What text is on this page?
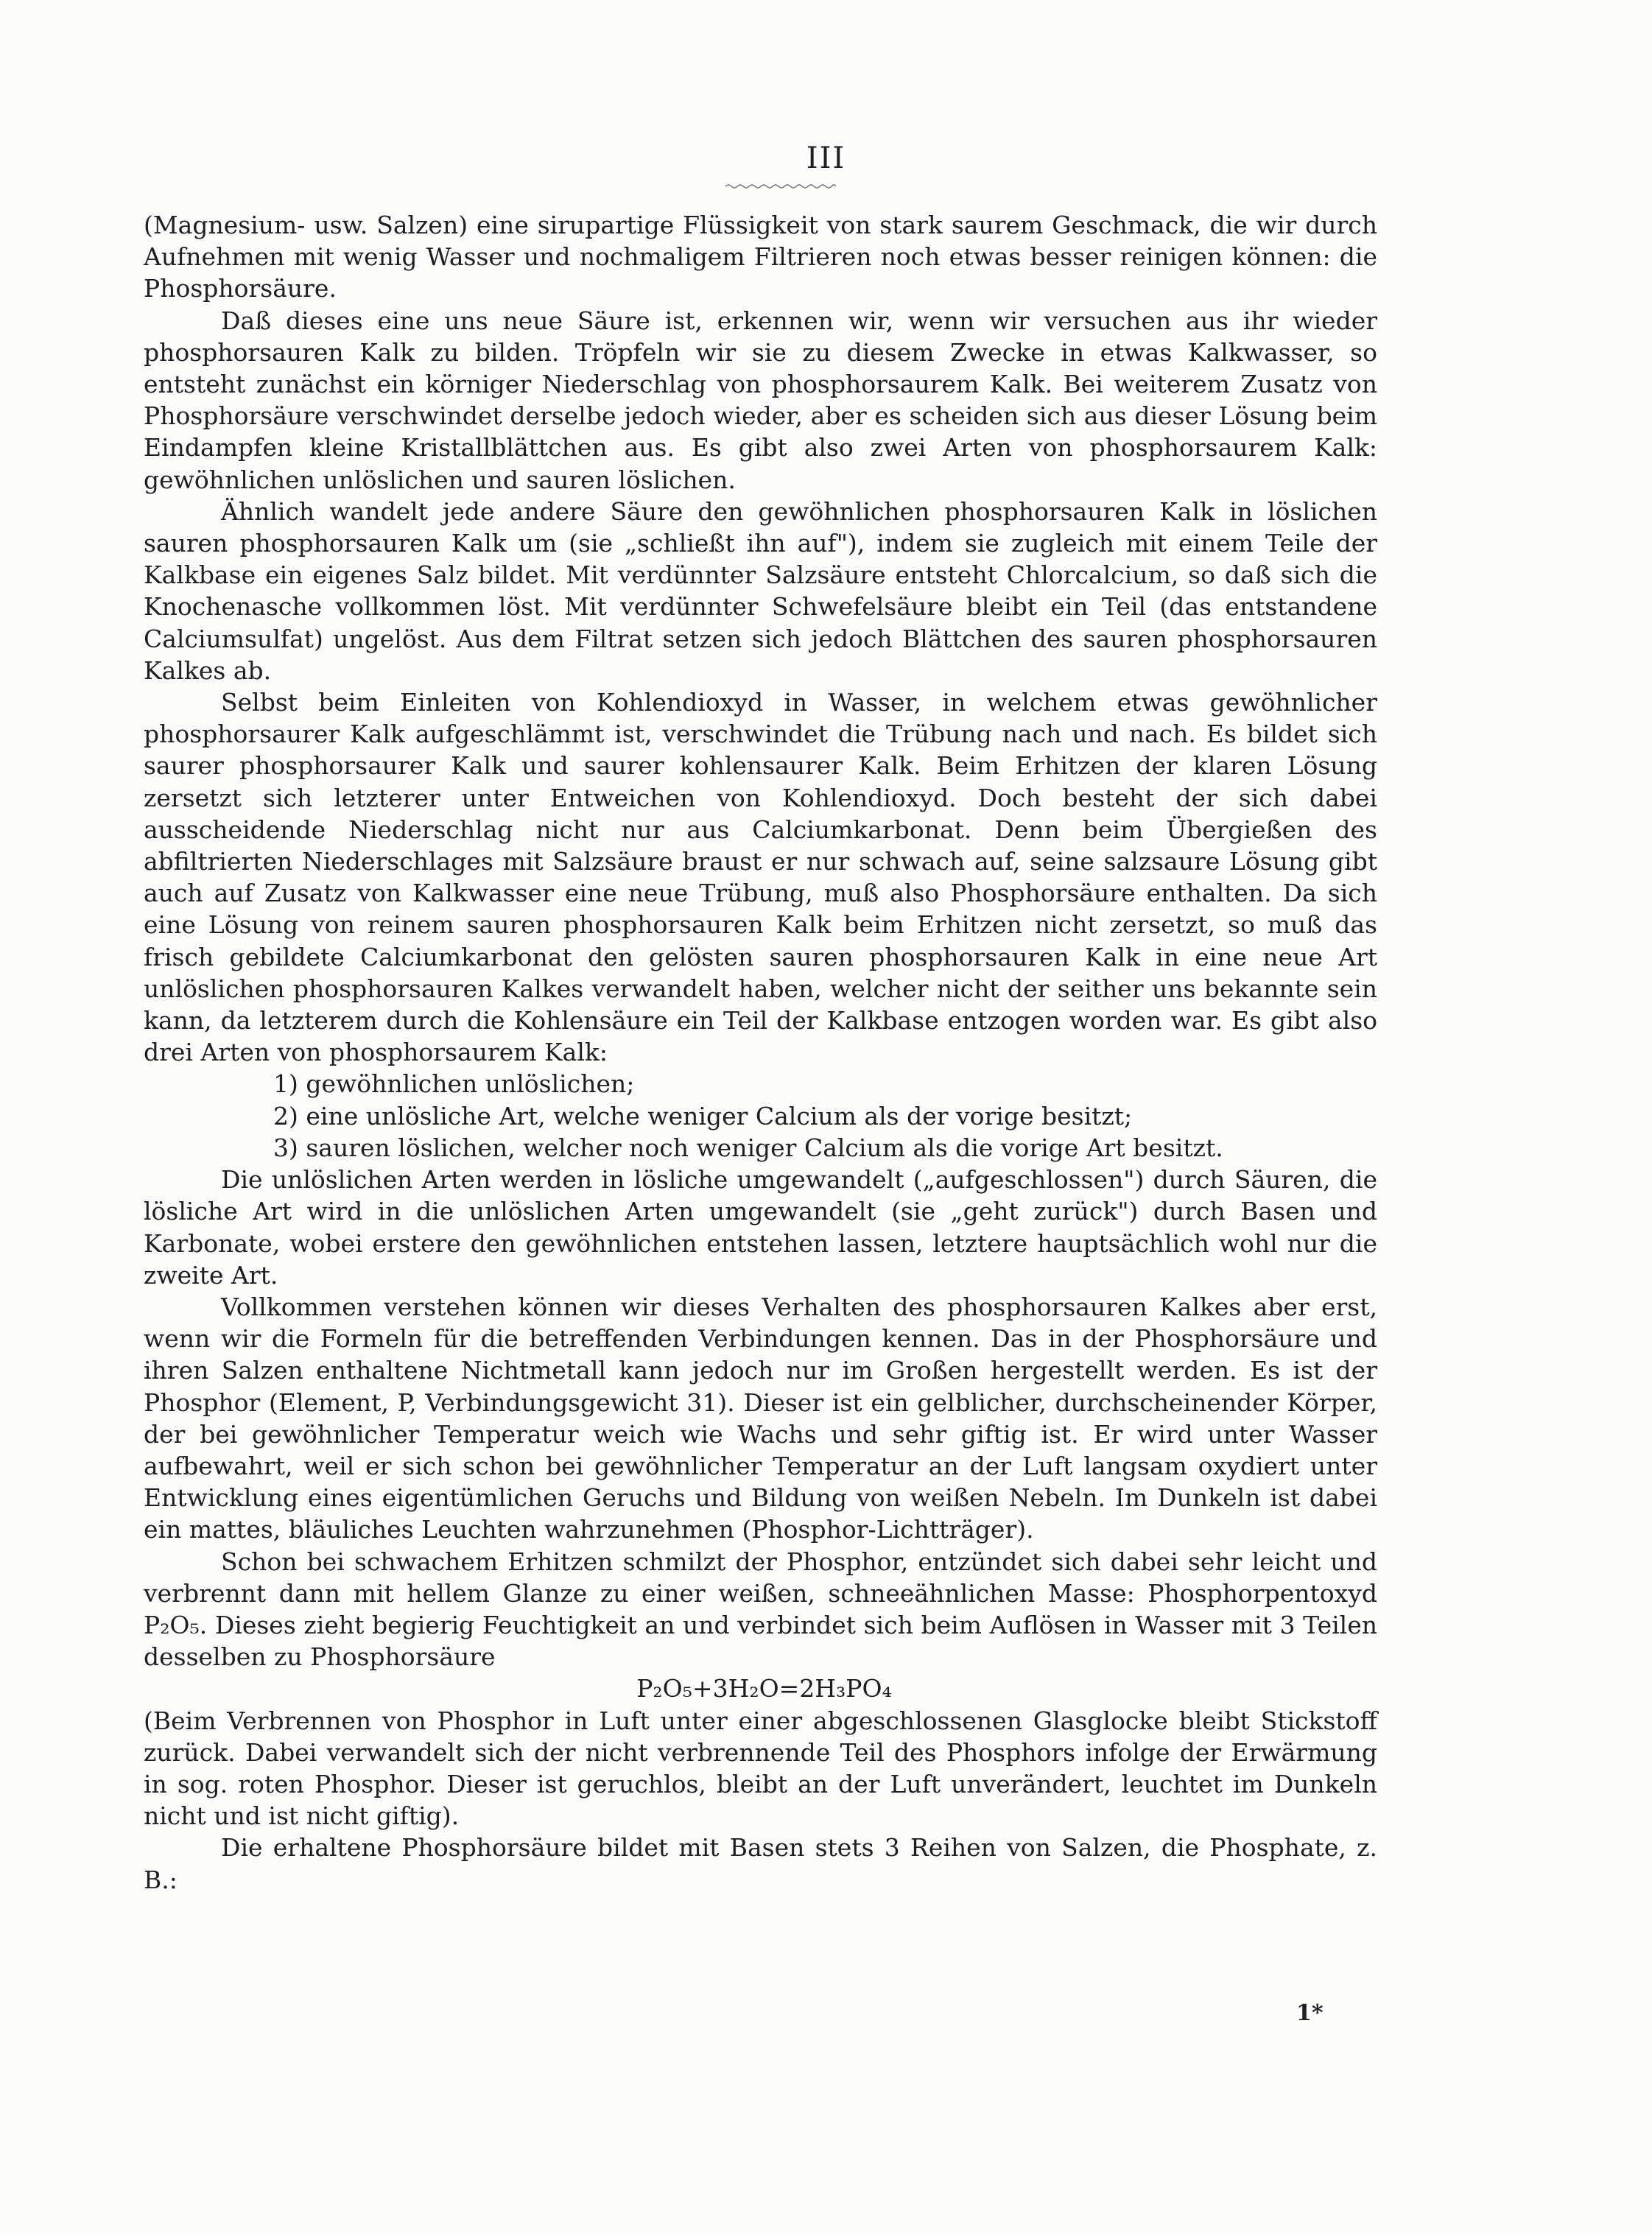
III

(Magnesium- usw. Salzen) eine sirupartige Flüssigkeit von stark saurem Geschmack, die wir durch Aufnehmen mit wenig Wasser und nochmaligem Filtrieren noch etwas besser reinigen können: die Phosphorsäure.

Daß dieses eine uns neue Säure ist, erkennen wir, wenn wir versuchen aus ihr wieder phosphorsauren Kalk zu bilden. Tröpfeln wir sie zu diesem Zwecke in etwas Kalkwasser, so entsteht zunächst ein körniger Niederschlag von phosphorsaurem Kalk. Bei weiterem Zusatz von Phosphorsäure verschwindet derselbe jedoch wieder, aber es scheiden sich aus dieser Lösung beim Eindampfen kleine Kristallblättchen aus. Es gibt also zwei Arten von phosphorsaurem Kalk: gewöhnlichen unlöslichen und sauren löslichen.

Ähnlich wandelt jede andere Säure den gewöhnlichen phosphorsauren Kalk in löslichen sauren phosphorsauren Kalk um (sie „schließt ihn auf"), indem sie zugleich mit einem Teile der Kalkbase ein eigenes Salz bildet. Mit verdünnter Salzsäure entsteht Chlorcalcium, so daß sich die Knochenasche vollkommen löst. Mit verdünnter Schwefelsäure bleibt ein Teil (das entstandene Calciumsulfat) ungelöst. Aus dem Filtrat setzen sich jedoch Blättchen des sauren phosphorsauren Kalkes ab.

Selbst beim Einleiten von Kohlendioxyd in Wasser, in welchem etwas gewöhnlicher phosphorsaurer Kalk aufgeschlämmt ist, verschwindet die Trübung nach und nach. Es bildet sich saurer phosphorsaurer Kalk und saurer kohlensaurer Kalk. Beim Erhitzen der klaren Lösung zersetzt sich letzterer unter Entweichen von Kohlendioxyd. Doch besteht der sich dabei ausscheidende Niederschlag nicht nur aus Calciumkarbonat. Denn beim Übergießen des abfiltrierten Niederschlages mit Salzsäure braust er nur schwach auf, seine salzsaure Lösung gibt auch auf Zusatz von Kalkwasser eine neue Trübung, muß also Phosphorsäure enthalten. Da sich eine Lösung von reinem sauren phosphorsauren Kalk beim Erhitzen nicht zersetzt, so muß das frisch gebildete Calciumkarbonat den gelösten sauren phosphorsauren Kalk in eine neue Art unlöslichen phosphorsauren Kalkes verwandelt haben, welcher nicht der seither uns bekannte sein kann, da letzterem durch die Kohlensäure ein Teil der Kalkbase entzogen worden war. Es gibt also drei Arten von phosphorsaurem Kalk:

1) gewöhnlichen unlöslichen;

2) eine unlösliche Art, welche weniger Calcium als der vorige besitzt;

3) sauren löslichen, welcher noch weniger Calcium als die vorige Art besitzt.

Die unlöslichen Arten werden in lösliche umgewandelt („aufgeschlossen") durch Säuren, die lösliche Art wird in die unlöslichen Arten umgewandelt (sie „geht zurück") durch Basen und Karbonate, wobei erstere den gewöhnlichen entstehen lassen, letztere hauptsächlich wohl nur die zweite Art.

Vollkommen verstehen können wir dieses Verhalten des phosphorsauren Kalkes aber erst, wenn wir die Formeln für die betreffenden Verbindungen kennen. Das in der Phosphorsäure und ihren Salzen enthaltene Nichtmetall kann jedoch nur im Großen hergestellt werden. Es ist der Phosphor (Element, P, Verbindungsgewicht 31). Dieser ist ein gelblicher, durchscheinender Körper, der bei gewöhnlicher Temperatur weich wie Wachs und sehr giftig ist. Er wird unter Wasser aufbewahrt, weil er sich schon bei gewöhnlicher Temperatur an der Luft langsam oxydiert unter Entwicklung eines eigentümlichen Geruchs und Bildung von weißen Nebeln. Im Dunkeln ist dabei ein mattes, bläuliches Leuchten wahrzunehmen (Phosphor-Lichtträger).

Schon bei schwachem Erhitzen schmilzt der Phosphor, entzündet sich dabei sehr leicht und verbrennt dann mit hellem Glanze zu einer weißen, schneeähnlichen Masse: Phosphorpentoxyd P₂O₅. Dieses zieht begierig Feuchtigkeit an und verbindet sich beim Auflösen in Wasser mit 3 Teilen desselben zu Phosphorsäure

P₂O₅+3H₂O=2H₃PO₄

(Beim Verbrennen von Phosphor in Luft unter einer abgeschlossenen Glasglocke bleibt Stickstoff zurück. Dabei verwandelt sich der nicht verbrennende Teil des Phosphors infolge der Erwärmung in sog. roten Phosphor. Dieser ist geruchlos, bleibt an der Luft unverändert, leuchtet im Dunkeln nicht und ist nicht giftig).

Die erhaltene Phosphorsäure bildet mit Basen stets 3 Reihen von Salzen, die Phosphate, z. B.:

1*
